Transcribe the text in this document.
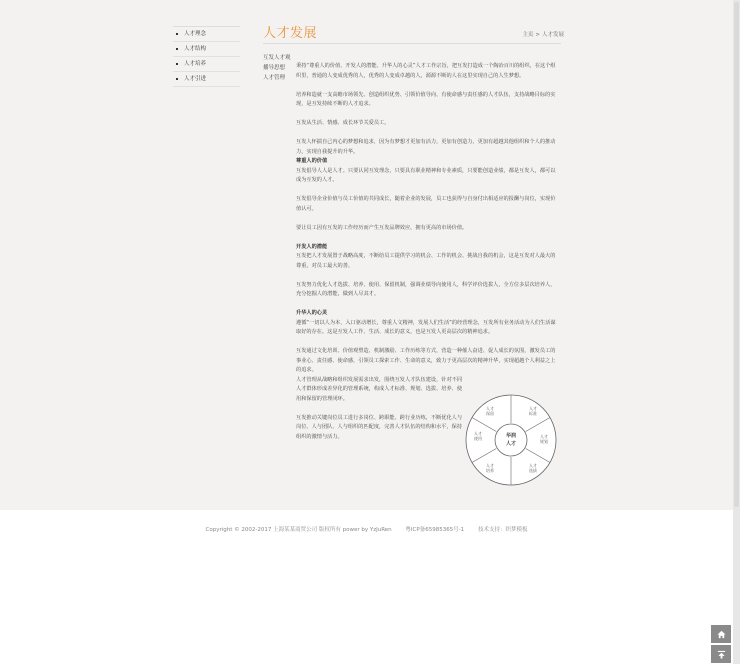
人才理念
人才结构
人才培养
人才引进
人才发展	主页 > 人才发展
互发人才观
播导思想
人才管理

秉持“尊重人的价值、开发人的潜能、升华人的心灵”人才工作宗旨，把互发打造成一个陶冶百川的组织，在这个组织里，普通的人变成优秀的人，优秀的人变成卓越的人，源源不断的人在这里实现自己的人生梦想。

培养和造就一支高瞻市场领先、创造组织优势、引领价值导向、有使命感与责任感的人才队伍，支持战略目标的实现，是互发持续不断的人才追求。

互发从生活、情感、成长环节关爱员工。

互发人怀揣自己内心的梦想和追求，因为有梦想才更加有活力，更加有创造力，更加有超越其他组织和个人的推动力，实现自我提升的升华。

尊重人的价值

互发倡导人人是人才。只要认同互发理念，只要具有职业精神和专业素质，只要能创造业绩，都是互发人，都可以成为互发的人才。

互发倡导企业价值与员工价值的共同成长，随着企业的发展，员工也获得与自身付出相适应的报酬与岗位，实现价值认可。

要让员工因有互发的工作经历而产生互发品牌效应，拥有更高的市场价值。

开发人的潜能

互发把人才发展置于战略高度，不断给员工提供学习的机会、工作的机会、挑战自我的机会，这是互发对人最大的尊重，对员工最大的善。

互发努力优化人才选拔、培养、使用、保留机制，强调业绩导向使用人，科学评价选拔人，全方位多层次培养人，充分挖掘人的潜能，做到人尽其才。

升华人的心灵

遵循“一切以人为本，入口驱动增长，尊重人文精神，发展人们生活”的经营理念，互发所有业务活动为人们生活谋取好的存在。这是互发人工作、生活、成长的意义，也是互发人更高层次的精神追求。

互发通过文化培训、价值观塑造、机制激励、工作历练等方式，营造一种催人奋进、促人成长的氛围，激发员工的事业心、责任感、使命感，引领员工探索工作、生命的意义，致力于更高层次的精神升华，实现超越个人利益之上的追求。

人才管理从战略和组织发展需求出发，围绕互发人才队伍建设，针对不同人才群体形成差异化的管理系统，构成人才标准、规划、选拔、培养、使用和保留的管理闭环。

互发推动关键岗位员工进行多岗位、跨职能、跨行业历练，不断优化人与岗位、人与团队、人与组织的匹配度，完善人才队伍的结构和水平，保持组织的激情与活力。	华润
人才
人才
标准
人才
规划
人才
选拔
人才
培养
人才
使用
人才
保留
Copyright © 2002-2017 上海某某商贸公司 版权所有 power by YzJuRen	粤ICP备65985365号-1	技术支持：织梦模板
